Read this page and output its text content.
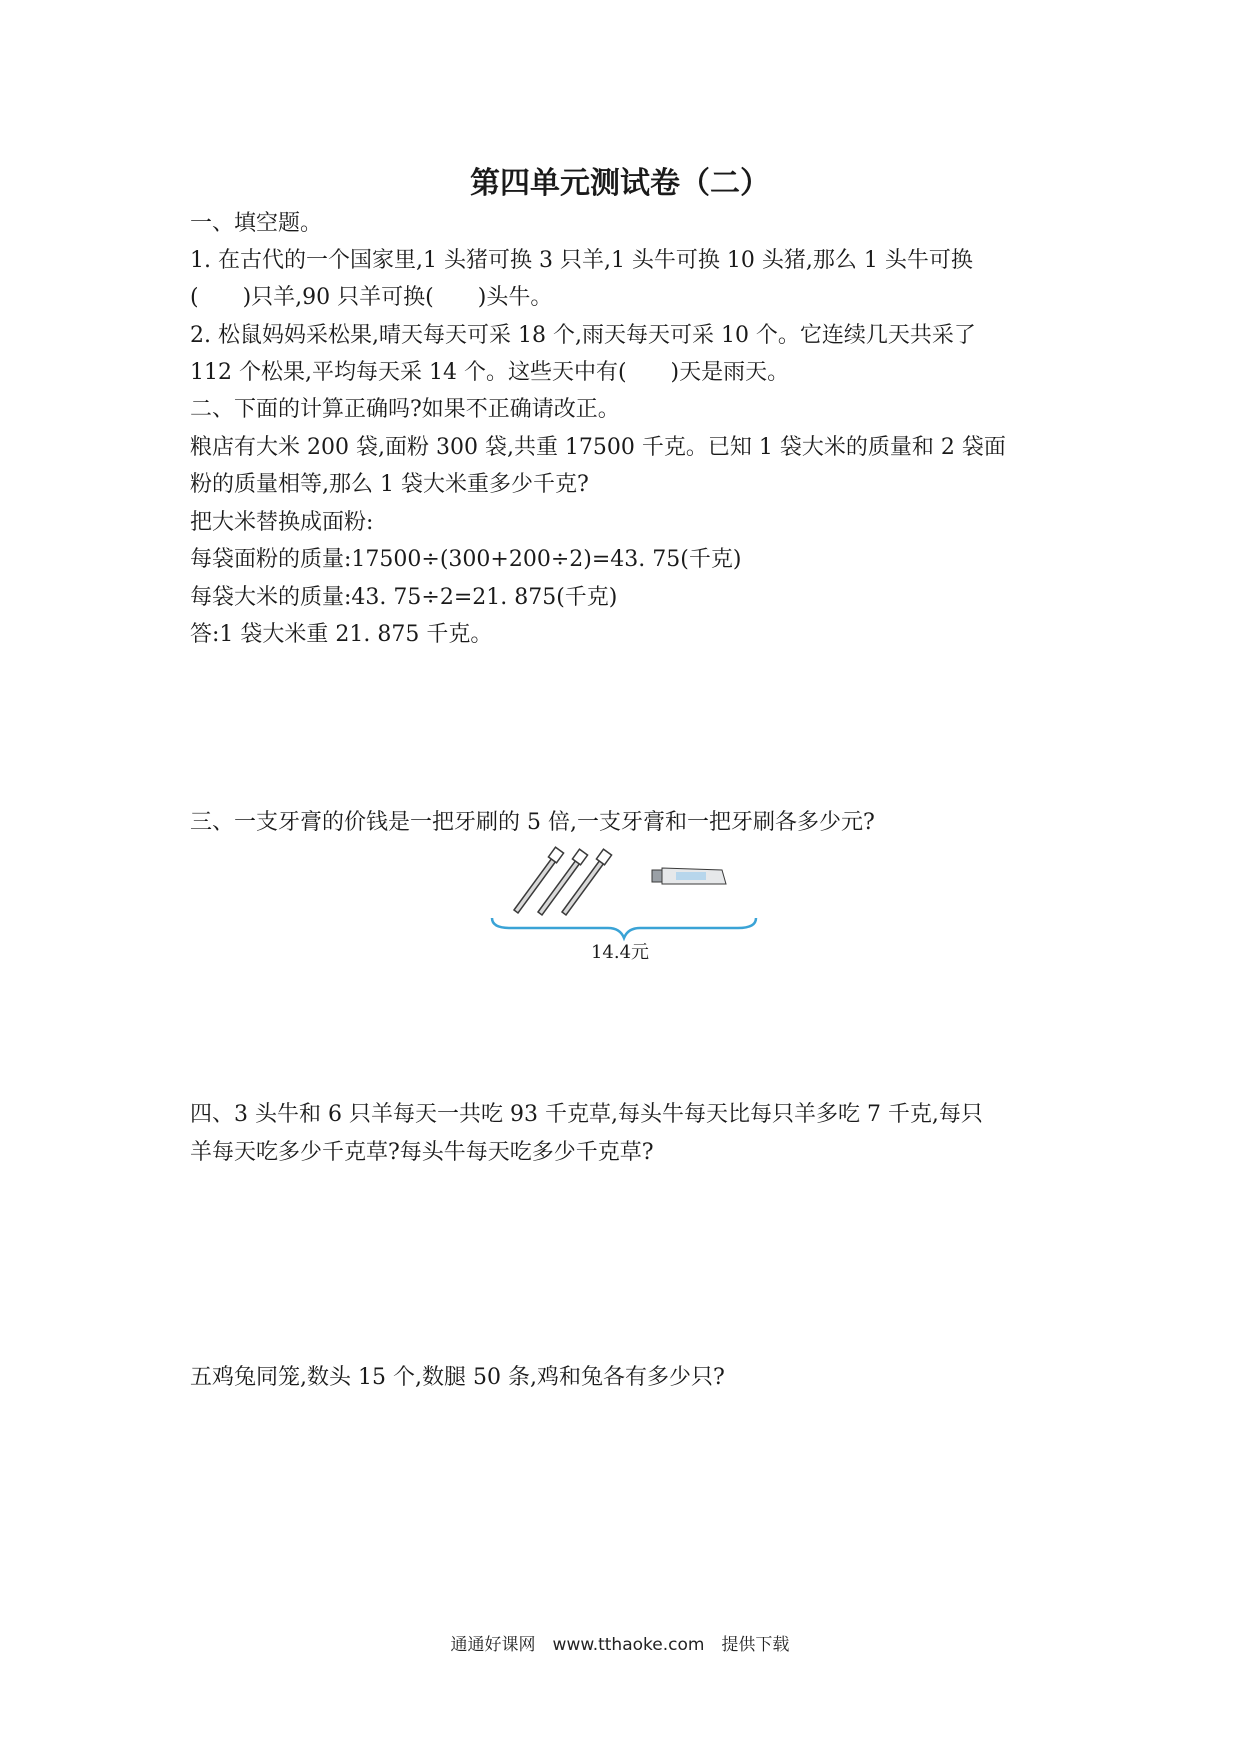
第四单元测试卷（二）
一、填空题。
1. 在古代的一个国家里,1 头猪可换 3 只羊,1 头牛可换 10 头猪,那么 1 头牛可换
(　　)只羊,90 只羊可换(　　)头牛。
2. 松鼠妈妈采松果,晴天每天可采 18 个,雨天每天可采 10 个。它连续几天共采了
112 个松果,平均每天采 14 个。这些天中有(　　)天是雨天。
二、下面的计算正确吗?如果不正确请改正。
粮店有大米 200 袋,面粉 300 袋,共重 17500 千克。已知 1 袋大米的质量和 2 袋面
粉的质量相等,那么 1 袋大米重多少千克?
把大米替换成面粉:
每袋面粉的质量:17500÷(300+200÷2)=43. 75(千克)
每袋大米的质量:43. 75÷2=21. 875(千克)
答:1 袋大米重 21. 875 千克。
三、一支牙膏的价钱是一把牙刷的 5 倍,一支牙膏和一把牙刷各多少元?
14.4元
四、3 头牛和 6 只羊每天一共吃 93 千克草,每头牛每天比每只羊多吃 7 千克,每只
羊每天吃多少千克草?每头牛每天吃多少千克草?
五鸡兔同笼,数头 15 个,数腿 50 条,鸡和兔各有多少只?
通通好课网　www.tthaoke.com　提供下载
